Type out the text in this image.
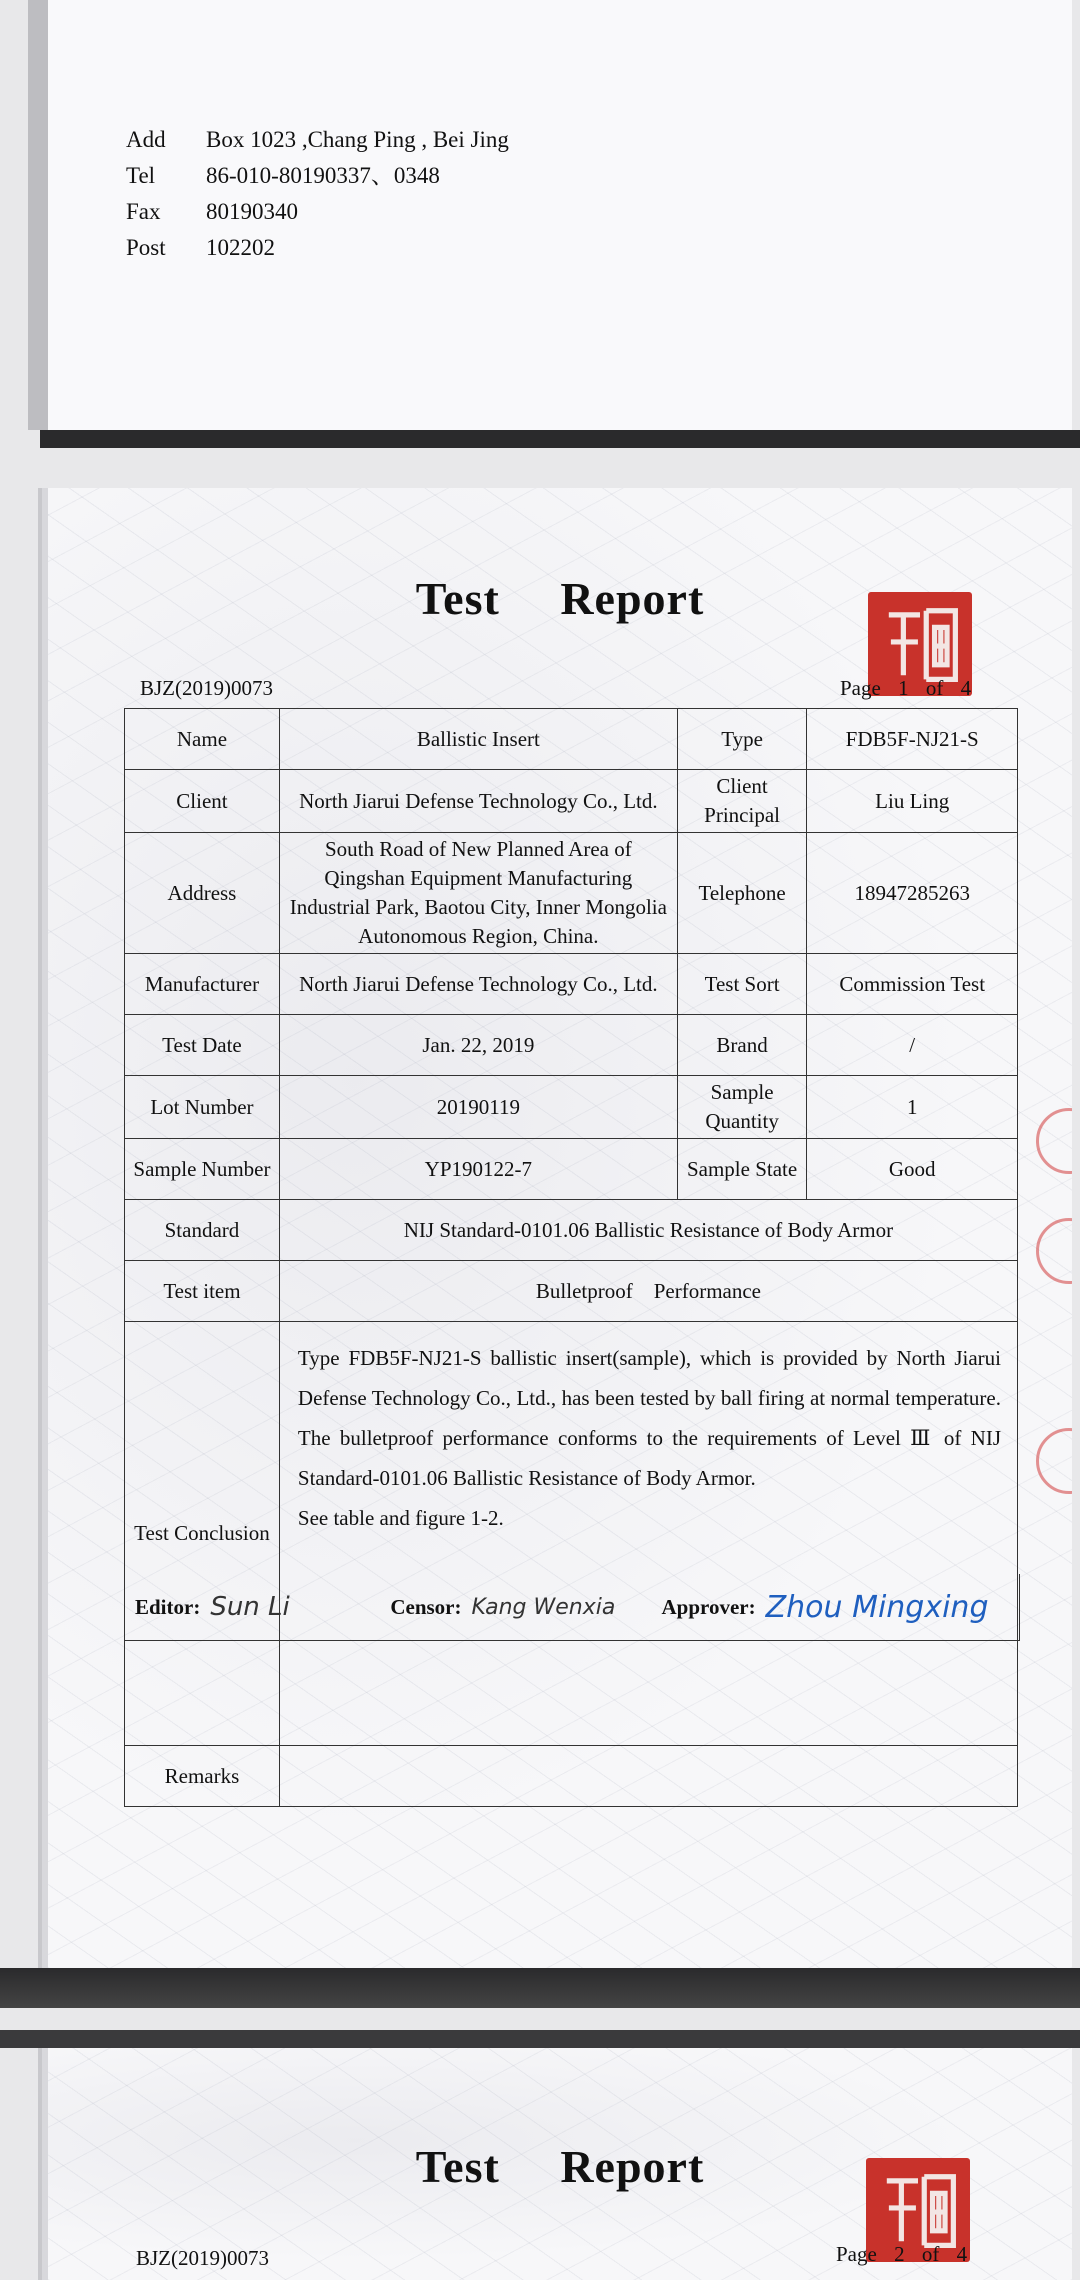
Add	Box 1023 ,Chang Ping , Bei Jing
Tel	86-010-80190337、0348
Fax	80190340
Post	102202
Test Report
BJZ(2019)0073	Page 1 of 4
Name	Ballistic Insert	Type	FDB5F-NJ21-S
Client	North Jiarui Defense Technology Co., Ltd.	Client Principal	Liu Ling
Address	South Road of New Planned Area of Qingshan Equipment Manufacturing Industrial Park, Baotou City, Inner Mongolia Autonomous Region, China.	Telephone	18947285263
Manufacturer	North Jiarui Defense Technology Co., Ltd.	Test Sort	Commission Test
Test Date	Jan. 22, 2019	Brand	/
Lot Number	20190119	Sample Quantity	1
Sample Number	YP190122-7	Sample State	Good
Standard	NIJ Standard-0101.06 Ballistic Resistance of Body Armor		
Test item	Bulletproof    Performance		
Test Conclusion	Type FDB5F-NJ21-S ballistic insert(sample), which is provided by North Jiarui Defense Technology Co., Ltd., has been tested by ball firing at normal temperature. The bulletproof performance conforms to the requirements of Level Ⅲ of NIJ Standard-0101.06 Ballistic Resistance of Body Armor.
See table and figure 1-2.		

Remarks			
Editor: Sun Li	Censor: Kang Wenxia	Approver: Zhou Mingxing
Test Report
BJZ(2019)0073	Page 2 of 4
